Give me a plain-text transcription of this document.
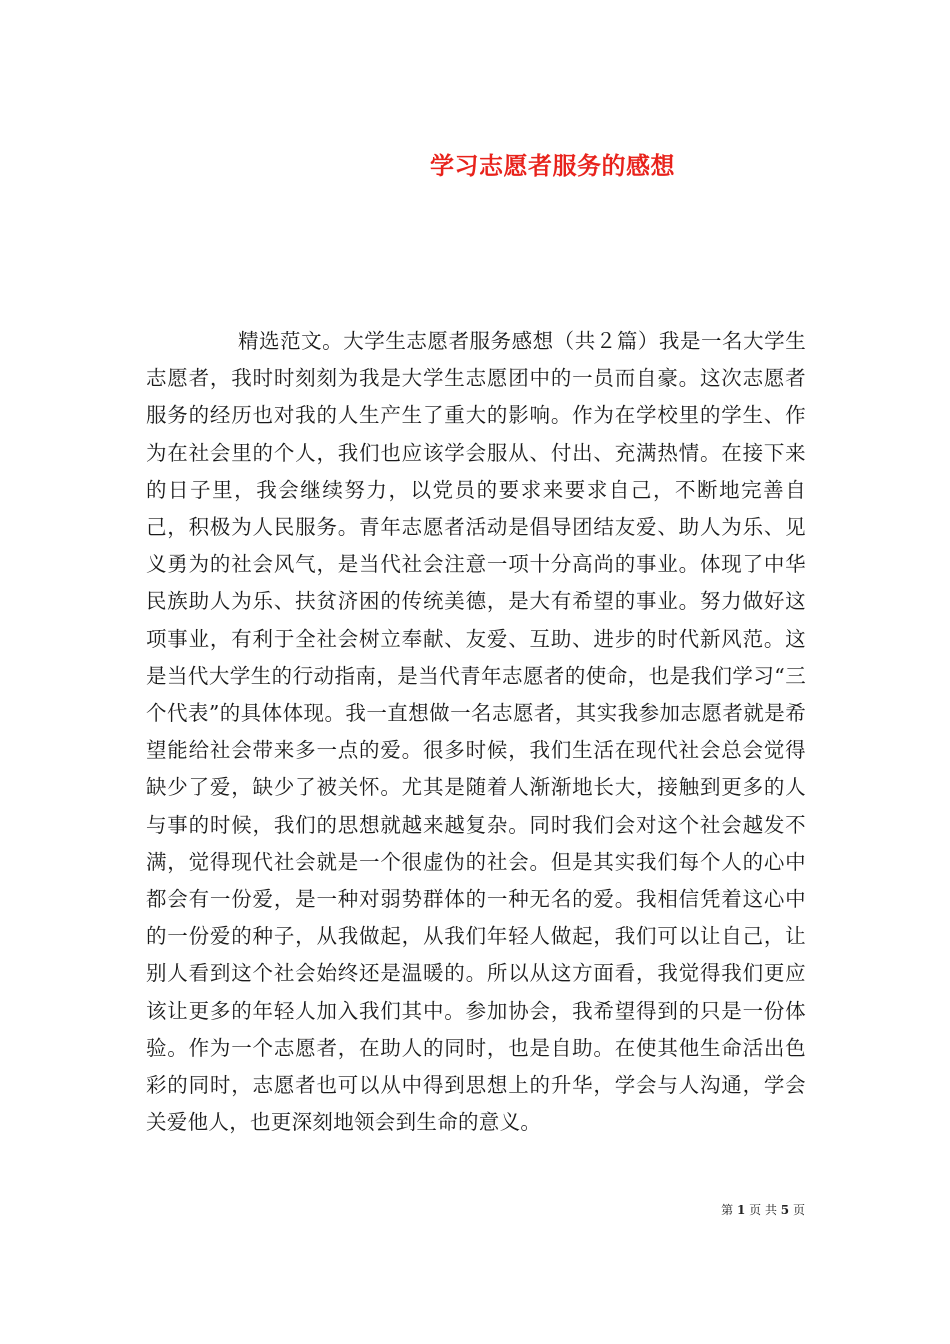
学习志愿者服务的感想

精选范文。大学生志愿者服务感想（共２篇）我是一名大学生志愿者，我时时刻刻为我是大学生志愿团中的一员而自豪。这次志愿者服务的经历也对我的人生产生了重大的影响。作为在学校里的学生、作为在社会里的个人，我们也应该学会服从、付出、充满热情。在接下来的日子里，我会继续努力，以党员的要求来要求自己，不断地完善自己，积极为人民服务。青年志愿者活动是倡导团结友爱、助人为乐、见义勇为的社会风气，是当代社会注意一项十分高尚的事业。体现了中华民族助人为乐、扶贫济困的传统美德，是大有希望的事业。努力做好这项事业，有利于全社会树立奉献、友爱、互助、进步的时代新风范。这是当代大学生的行动指南，是当代青年志愿者的使命，也是我们学习“三个代表”的具体体现。我一直想做一名志愿者，其实我参加志愿者就是希望能给社会带来多一点的爱。很多时候，我们生活在现代社会总会觉得缺少了爱，缺少了被关怀。尤其是随着人渐渐地长大，接触到更多的人与事的时候，我们的思想就越来越复杂。同时我们会对这个社会越发不满，觉得现代社会就是一个很虚伪的社会。但是其实我们每个人的心中都会有一份爱，是一种对弱势群体的一种无名的爱。我相信凭着这心中的一份爱的种子，从我做起，从我们年轻人做起，我们可以让自己，让别人看到这个社会始终还是温暖的。所以从这方面看，我觉得我们更应该让更多的年轻人加入我们其中。参加协会，我希望得到的只是一份体验。作为一个志愿者，在助人的同时，也是自助。在使其他生命活出色彩的同时，志愿者也可以从中得到思想上的升华，学会与人沟通，学会关爱他人，也更深刻地领会到生命的意义。

第 1 页 共 5 页
